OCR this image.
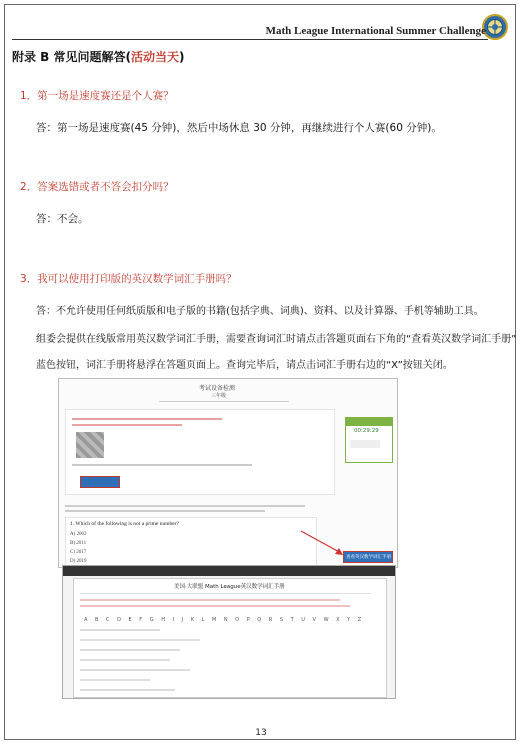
Math League International Summer Challenge
附录 B 常见问题解答(活动当天)
1．第一场是速度赛还是个人赛？
答：第一场是速度赛(45 分钟)，然后中场休息 30 分钟，再继续进行个人赛(60 分钟)。
2．答案选错或者不答会扣分吗？
答：不会。
3．我可以使用打印版的英汉数学词汇手册吗？
答：不允许使用任何纸质版和电子版的书籍(包括字典、词典)、资料、以及计算器、手机等辅助工具。
组委会提供在线版常用英汉数学词汇手册，需要查询词汇时请点击答题页面右下角的“查看英汉数学词汇手册”
蓝色按钮，词汇手册将悬浮在答题页面上。查询完毕后，请点击词汇手册右边的“X”按钮关闭。
考试设备检测
三年级
00:29:29
1. Which of the following is not a prime number?
A) 2003
B) 2011
C) 2017
D) 2019
查看英汉数学词汇手册
美国·大联盟 Math League英汉数学词汇手册
A B C D E F G H I J K L M N O P Q R S T U V W X Y Z
13
